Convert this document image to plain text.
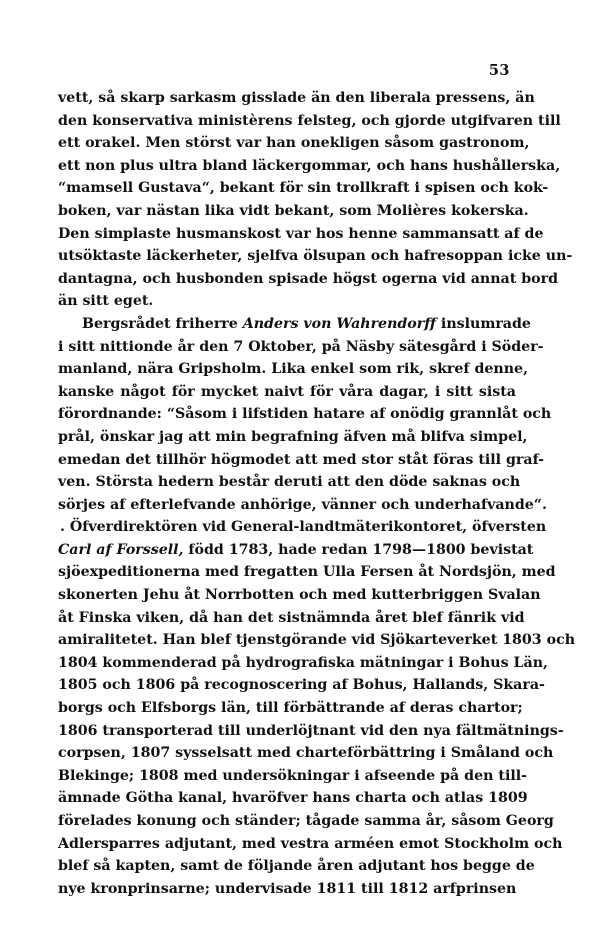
53
vett, så skarp sarkasm gisslade än den liberala pressens, än
den konservativa ministèrens felsteg, och gjorde utgifvaren till
ett orakel. Men störst var han onekligen såsom gastronom,
ett non plus ultra bland läckergommar, och hans hushållerska,
“mamsell Gustava“, bekant för sin trollkraft i spisen och kok-
boken, var nästan lika vidt bekant, som Molières kokerska.
Den simplaste husmanskost var hos henne sammansatt af de
utsöktaste läckerheter, sjelfva ölsupan och hafresoppan icke un-
dantagna, och husbonden spisade högst ogerna vid annat bord
än sitt eget.
Bergsrådet friherre Anders von Wahrendorff inslumrade
i sitt nittionde år den 7 Oktober, på Näsby sätesgård i Söder-
manland, nära Gripsholm. Lika enkel som rik, skref denne,
kanske något för mycket naivt för våra dagar, i sitt sista
förordnande: “Såsom i lifstiden hatare af onödig grannlåt och
prål, önskar jag att min begrafning äfven må blifva simpel,
emedan det tillhör högmodet att med stor ståt föras till graf-
ven. Största hedern består deruti att den döde saknas och
sörjes af efterlefvande anhörige, vänner och underhafvande“.
. Öfverdirektören vid General-landtmäterikontoret, öfversten
Carl af Forssell, född 1783, hade redan 1798—1800 bevistat
sjöexpeditionerna med fregatten Ulla Fersen åt Nordsjön, med
skonerten Jehu åt Norrbotten och med kutterbriggen Svalan
åt Finska viken, då han det sistnämnda året blef fänrik vid
amiralitetet. Han blef tjenstgörande vid Sjökarteverket 1803 och
1804 kommenderad på hydrografiska mätningar i Bohus Län,
1805 och 1806 på recognoscering af Bohus, Hallands, Skara-
borgs och Elfsborgs län, till förbättrande af deras chartor;
1806 transporterad till underlöjtnant vid den nya fältmätnings-
corpsen, 1807 sysselsatt med charteförbättring i Småland och
Blekinge; 1808 med undersökningar i afseende på den till-
ämnade Götha kanal, hvaröfver hans charta och atlas 1809
förelades konung och ständer; tågade samma år, såsom Georg
Adlersparres adjutant, med vestra arméen emot Stockholm och
blef så kapten, samt de följande åren adjutant hos begge de
nye kronprinsarne; undervisade 1811 till 1812 arfprinsen
